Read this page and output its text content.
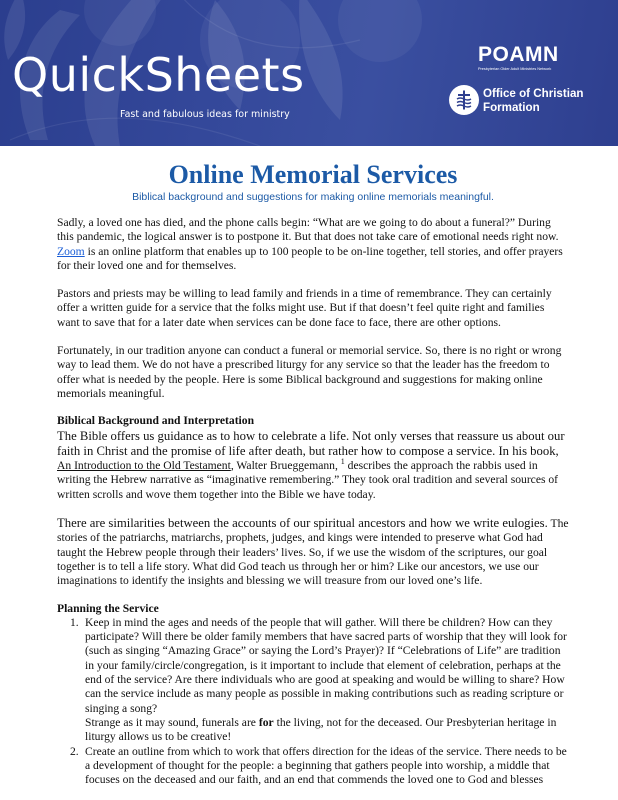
QuickSheets
Fast and fabulous ideas for ministry
POAMN
Presbyterian Older Adult Ministries Network
Office of Christian Formation
Online Memorial Services
Biblical background and suggestions for making online memorials meaningful.

Sadly, a loved one has died, and the phone calls begin: “What are we going to do about a funeral?” During this pandemic, the logical answer is to postpone it. But that does not take care of emotional needs right now. Zoom is an online platform that enables up to 100 people to be on-line together, tell stories, and offer prayers for their loved one and for themselves.

Pastors and priests may be willing to lead family and friends in a time of remembrance. They can certainly offer a written guide for a service that the folks might use. But if that doesn’t feel quite right and families want to save that for a later date when services can be done face to face, there are other options.

Fortunately, in our tradition anyone can conduct a funeral or memorial service. So, there is no right or wrong way to lead them. We do not have a prescribed liturgy for any service so that the leader has the freedom to offer what is needed by the people. Here is some Biblical background and suggestions for making online memorials meaningful.

Biblical Background and Interpretation

The Bible offers us guidance as to how to celebrate a life. Not only verses that reassure us about our faith in Christ and the promise of life after death, but rather how to compose a service. In his book, An Introduction to the Old Testament, Walter Brueggemann, $^1$ describes the approach the rabbis used in writing the Hebrew narrative as “imaginative remembering.” They took oral tradition and several sources of written scrolls and wove them together into the Bible we have today.

There are similarities between the accounts of our spiritual ancestors and how we write eulogies. The stories of the patriarchs, matriarchs, prophets, judges, and kings were intended to preserve what God had taught the Hebrew people through their leaders’ lives. So, if we use the wisdom of the scriptures, our goal together is to tell a life story. What did God teach us through her or him? Like our ancestors, we use our imaginations to identify the insights and blessing we will treasure from our loved one’s life.

Planning the Service
1. Keep in mind the ages and needs of the people that will gather. Will there be children? How can they participate? Will there be older family members that have sacred parts of worship that they will look for (such as singing “Amazing Grace” or saying the Lord’s Prayer)? If “Celebrations of Life” are tradition in your family/circle/congregation, is it important to include that element of celebration, perhaps at the end of the service? Are there individuals who are good at speaking and would be willing to share? How can the service include as many people as possible in making contributions such as reading scripture or singing a song?
Strange as it may sound, funerals are for the living, not for the deceased. Our Presbyterian heritage in liturgy allows us to be creative!
2. Create an outline from which to work that offers direction for the ideas of the service. There needs to be a development of thought for the people: a beginning that gathers people into worship, a middle that focuses on the deceased and our faith, and an end that commends the loved one to God and blesses
